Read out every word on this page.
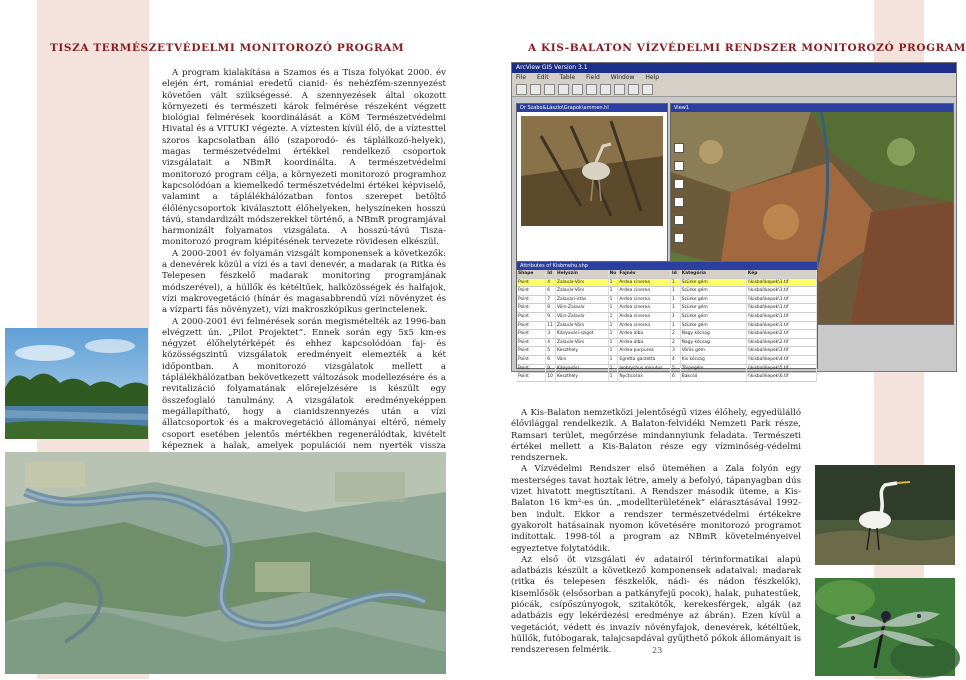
TISZA TERMÉSZETVÉDELMI MONITOROZÓ PROGRAM	A KIS-BALATON VÍZVÉDELMI RENDSZER MONITOROZÓ PROGRAM

A program kialakítása a Szamos és a Tisza folyókat 2000. év elején ért, romániai eredetű cianid- és nehézfém-szennyezést követően vált szükségessé. A szennyezések által okozott környezeti és természeti károk felmérése részeként végzett biológiai felmérések koordinálását a KöM Természetvédelmi Hivatal és a VITUKI végezte. A víztesten kívül élő, de a víztesttel szoros kapcsolatban álló (szaporodó- és táplálkozó-helyek), magas természetvédelmi értékkel rendelkező csoportok vizsgálatait a NBmR koordinálta. A természetvédelmi monitorozó program célja, a környezeti monitorozó programhoz kapcsolódóan a kiemelkedő természetvédelmi értékei képviselő, valamint a táplálékhálózatban fontos szerepet betöltő élőlénycsoportok kiválasztott élőhelyeken, helyszíneken hosszú távú, standardizált módszerekkel történő, a NBmR programjával harmonizált folyamatos vizsgálata. A hosszú-távú Tisza-monitorozó program kiépítésének tervezete rövidesen elkészül.

A 2000-2001 év folyamán vizsgált komponensek a következők: a denevérek közül a vízi és a tavi denevér, a madarak (a Ritka és Telepesen fészkelő madarak monitoring programjának módszerével), a hüllők és kétéltűek, halközösségek és halfajok, vízi makrovegetáció (hínár és magasabbrendű vízi növényzet és a vízparti fás növényzet), vízi makroszkópikus gerinctelenek.

A 2000-2001 évi felmérések során megismételték az 1996-ban elvégzett ún. „Pilot Projektet”. Ennek során egy 5x5 km-es négyzet élőhelytérképét és ehhez kapcsolódóan faj- és közösségszintű vizsgálatok eredményeit elemezték a két időpontban. A monitorozó vizsgálatok mellett a táplálékhálózatban bekövetkezett változások modellezésére és a revitalizáció folyamatának előrejelzésére is készült egy összefoglaló tanulmány. A vizsgálatok eredményeképpen megállapítható, hogy a cianidszennyezés után a vízi állatcsoportok és a makrovegetáció állományai eltérő, némely csoport esetében jelentős mértékben regenerálódtak, kivételt képeznek a halak, amelyek populációi nem nyerték vissza

ArcView GIS Version 3.1
File Edit Table Field Window Help
View1
Dr Szabo&Lászlo\Grapok\ammen.hl
Attributes of Kisbmehu.shp
Shape	Id	Helyszín	No Fajnév	Id	Kategória	Kép
Point	4	Zalavár-Vörs	1	Ardea cinerea	1	Szürke gém	\\kisbal\kepek\1.tif
Point	6	Zalavár-Vörs	1	Ardea cinerea	1	Szürke gém	\\kisbal\kepek\1.tif
Point	7	Zalavári-irtás	1	Ardea cinerea	1	Szürke gém	\\kisbal\kepek\1.tif
Point	8	Vörs-Zalavár	1	Ardea cinerea	1	Szürke gém	\\kisbal\kepek\1.tif
Point	9	Vörs-Zalavár	1	Ardea cinerea	1	Szürke gém	\\kisbal\kepek\1.tif
Point	11 Zalavár-Vörs	1	Ardea cinerea	1	Szürke gém	\\kisbal\kepek\1.tif
Point	3	Kányavári-sziget	1	Ardea alba	2	Nagy kócsag	\\kisbal\kepek\2.tif
Point	4	Zalavár-Vörs	1	Ardea alba	2	Nagy kócsag	\\kisbal\kepek\2.tif
Point	5	Keszthely	1	Ardea purpurea	3	Vörös gém	\\kisbal\kepek\3.tif
Point	6	Vörs	1	Egretta garzetta	4	Kis kócsag	\\kisbal\kepek\4.tif
Point	9	Kányavári	1	Ixobrychus minutus	5	Törpegém	\\kisbal\kepek\5.tif
Point	10 Keszthely	1	Nycticorax	6	Bakcsó	\\kisbal\kepek\6.tif

A Kis-Balaton nemzetközi jelentőségű vizes élőhely, egyedülálló élővilággal rendelkezik. A Balaton-felvidéki Nemzeti Park része, Ramsari terület, megőrzése mindannyiunk feladata. Természeti értékei mellett a Kis-Balaton része egy vízminőség-védelmi rendszernek.

A Vízvédelmi Rendszer első üteméhen a Zala folyón egy mesterséges tavat hoztak létre, amely a befolyó, tápanyagban dús vizet hivatott megtisztítani. A Rendszer második üteme, a Kis-Balaton 16 km²-es ún. „modellterületének” elárasztásával 1992-ben indult. Ekkor a rendszer természetvédelmi értékekre gyakorolt hatásainak nyomon követésére monitorozó programot indítottak. 1998-tól a program az NBmR követelményeivel egyeztetve folytatódik.

Az első öt vizsgálati év adatairól térinformatikai alapú adatbázis készült a következő komponensek adataival: madarak (ritka és telepesen fészkelők, nádi- és nádon fészkelők), kisemlősök (elsősorban a patkányfejű pocok), halak, puhatestűek, piócák, csípőszúnyogok, szitakötők, kerekesférgek, algák (az adatbázis egy lekérdezési eredménye az ábrán). Ezen kívül a vegetációt, védett és invazív növényfajok, denevérek, kétéltűek, hüllők, futóbogarak, talajcsapdával gyűjthető pókok állományait is rendszeresen felmérik.	23
